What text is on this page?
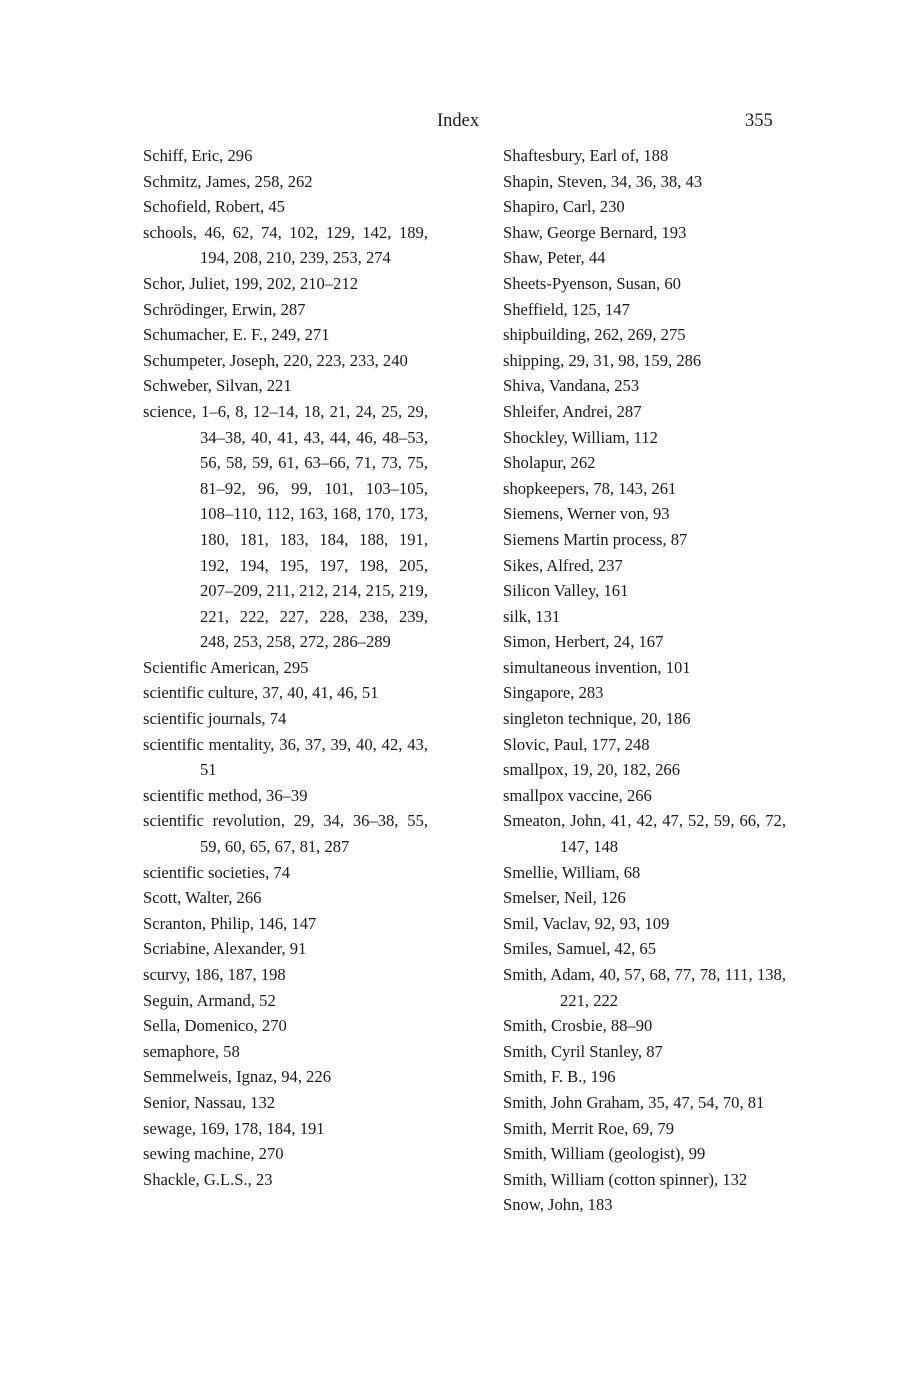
Index	355
Schiff, Eric, 296
Schmitz, James, 258, 262
Schofield, Robert, 45
schools, 46, 62, 74, 102, 129, 142, 189, 194, 208, 210, 239, 253, 274
Schor, Juliet, 199, 202, 210–212
Schrödinger, Erwin, 287
Schumacher, E. F., 249, 271
Schumpeter, Joseph, 220, 223, 233, 240
Schweber, Silvan, 221
science, 1–6, 8, 12–14, 18, 21, 24, 25, 29, 34–38, 40, 41, 43, 44, 46, 48–53, 56, 58, 59, 61, 63–66, 71, 73, 75, 81–92, 96, 99, 101, 103–105, 108–110, 112, 163, 168, 170, 173, 180, 181, 183, 184, 188, 191, 192, 194, 195, 197, 198, 205, 207–209, 211, 212, 214, 215, 219, 221, 222, 227, 228, 238, 239, 248, 253, 258, 272, 286–289
Scientific American, 295
scientific culture, 37, 40, 41, 46, 51
scientific journals, 74
scientific mentality, 36, 37, 39, 40, 42, 43, 51
scientific method, 36–39
scientific revolution, 29, 34, 36–38, 55, 59, 60, 65, 67, 81, 287
scientific societies, 74
Scott, Walter, 266
Scranton, Philip, 146, 147
Scriabine, Alexander, 91
scurvy, 186, 187, 198
Seguin, Armand, 52
Sella, Domenico, 270
semaphore, 58
Semmelweis, Ignaz, 94, 226
Senior, Nassau, 132
sewage, 169, 178, 184, 191
sewing machine, 270
Shackle, G.L.S., 23
Shaftesbury, Earl of, 188
Shapin, Steven, 34, 36, 38, 43
Shapiro, Carl, 230
Shaw, George Bernard, 193
Shaw, Peter, 44
Sheets-Pyenson, Susan, 60
Sheffield, 125, 147
shipbuilding, 262, 269, 275
shipping, 29, 31, 98, 159, 286
Shiva, Vandana, 253
Shleifer, Andrei, 287
Shockley, William, 112
Sholapur, 262
shopkeepers, 78, 143, 261
Siemens, Werner von, 93
Siemens Martin process, 87
Sikes, Alfred, 237
Silicon Valley, 161
silk, 131
Simon, Herbert, 24, 167
simultaneous invention, 101
Singapore, 283
singleton technique, 20, 186
Slovic, Paul, 177, 248
smallpox, 19, 20, 182, 266
smallpox vaccine, 266
Smeaton, John, 41, 42, 47, 52, 59, 66, 72, 147, 148
Smellie, William, 68
Smelser, Neil, 126
Smil, Vaclav, 92, 93, 109
Smiles, Samuel, 42, 65
Smith, Adam, 40, 57, 68, 77, 78, 111, 138, 221, 222
Smith, Crosbie, 88–90
Smith, Cyril Stanley, 87
Smith, F. B., 196
Smith, John Graham, 35, 47, 54, 70, 81
Smith, Merrit Roe, 69, 79
Smith, William (geologist), 99
Smith, William (cotton spinner), 132
Snow, John, 183
